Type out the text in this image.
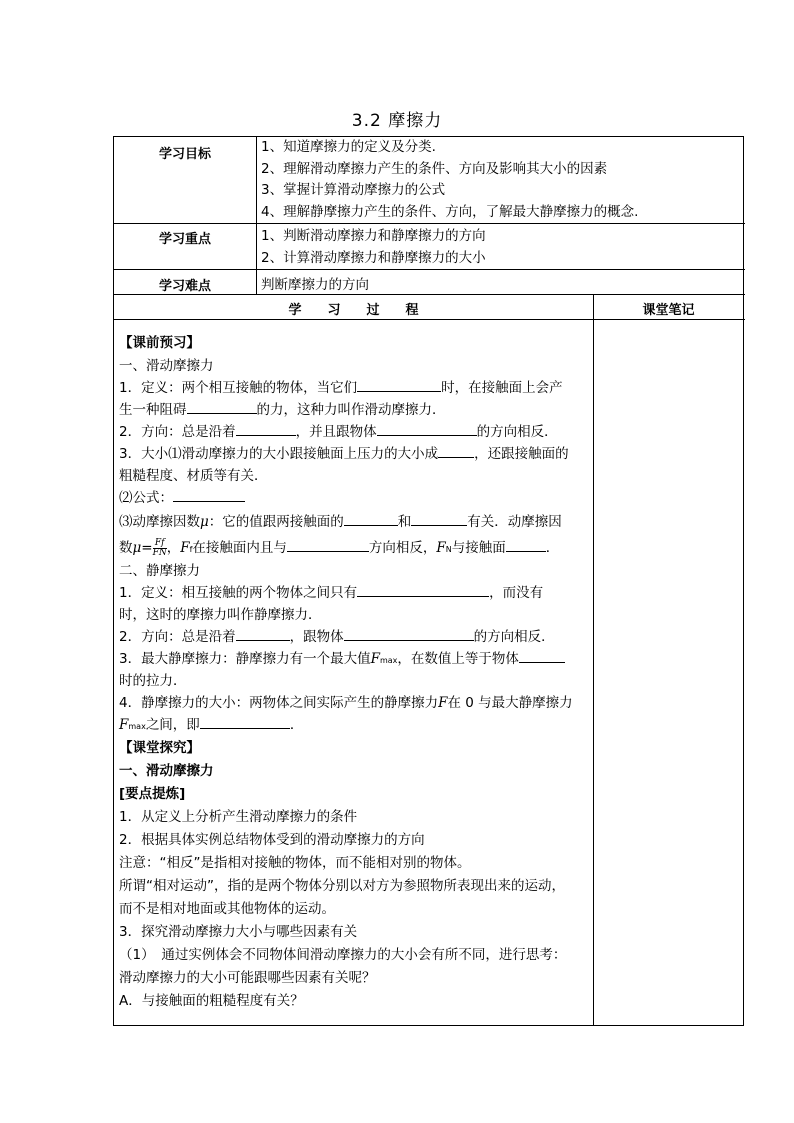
3.2 摩擦力
学习目标	1、知道摩擦力的定义及分类.
2、理解滑动摩擦力产生的条件、方向及影响其大小的因素
3、掌握计算滑动摩擦力的公式
4、理解静摩擦力产生的条件、方向，了解最大静摩擦力的概念.
学习重点	1、判断滑动摩擦力和静摩擦力的方向
2、计算滑动摩擦力和静摩擦力的大小
学习难点	判断摩擦力的方向
学　　习　　过　　程	课堂笔记
【课前预习】
一、滑动摩擦力
1．定义：两个相互接触的物体，当它们	时，在接触面上会产
生一种阻碍	的力，这种力叫作滑动摩擦力．
2．方向：总是沿着	，并且跟物体	的方向相反．
3．大小⑴滑动摩擦力的大小跟接触面上压力的大小成	，还跟接触面的
粗糙程度、材质等有关．
⑵公式：
⑶动摩擦因数μ：它的值跟两接触面的	和	有关．动摩擦因
数$\mu= \frac{Ff}{FN}$ ，Ff在接触面内且与	方向相反，FN与接触面	．
二、静摩擦力
1．定义：相互接触的两个物体之间只有	，而没有
时，这时的摩擦力叫作静摩擦力．
2．方向：总是沿着	，跟物体	的方向相反．
3．最大静摩擦力：静摩擦力有一个最大值Fmax，在数值上等于物体
时的拉力．
4．静摩擦力的大小：两物体之间实际产生的静摩擦力F在 0 与最大静摩擦力
Fmax之间，即	．
【课堂探究】
一、滑动摩擦力
[要点提炼]
1．从定义上分析产生滑动摩擦力的条件
2．根据具体实例总结物体受到的滑动摩擦力的方向
注意：“相反”是指相对接触的物体，而不能相对别的物体。
所谓“相对运动”，指的是两个物体分别以对方为参照物所表现出来的运动，
而不是相对地面或其他物体的运动。
3．探究滑动摩擦力大小与哪些因素有关
（1）　通过实例体会不同物体间滑动摩擦力的大小会有所不同，进行思考：
滑动摩擦力的大小可能跟哪些因素有关呢？
A．与接触面的粗糙程度有关？
